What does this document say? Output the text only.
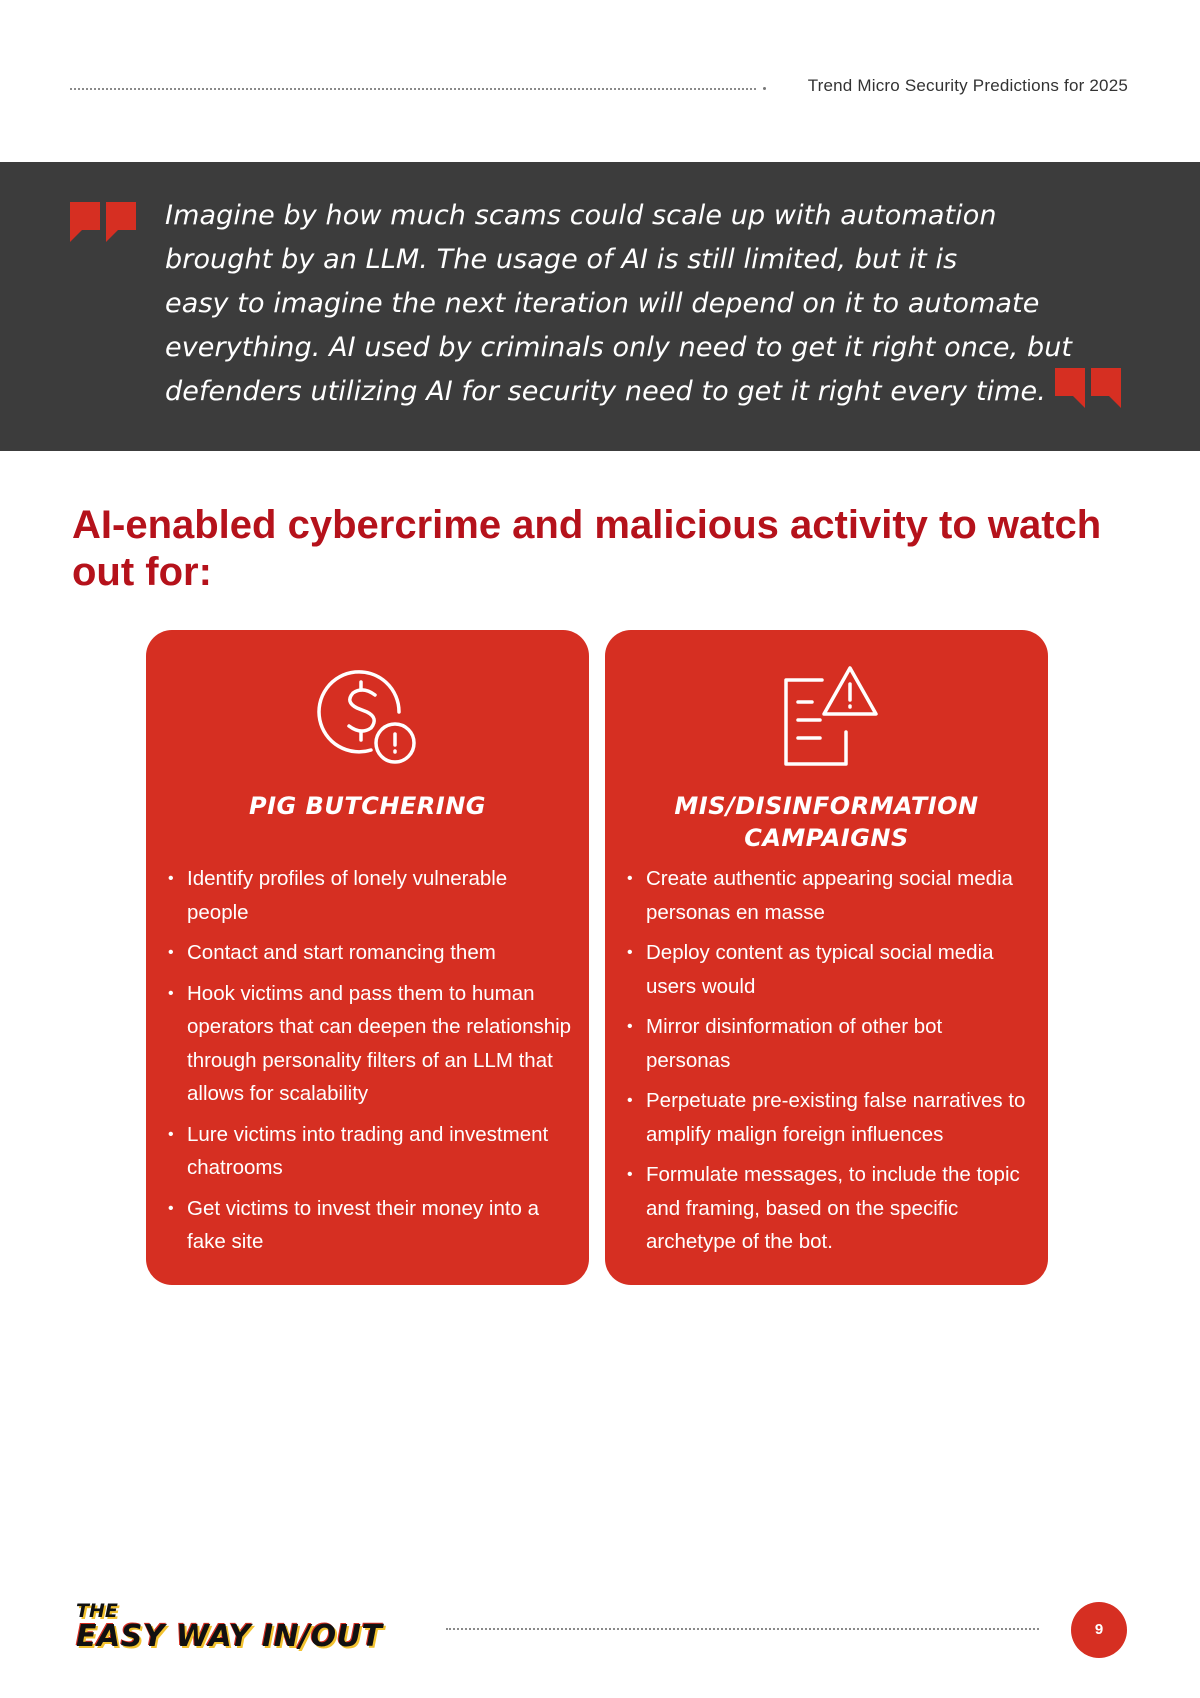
Trend Micro Security Predictions for 2025
Imagine by how much scams could scale up with automation
brought by an LLM. The usage of AI is still limited, but it is
easy to imagine the next iteration will depend on it to automate
everything. AI used by criminals only need to get it right once, but
defenders utilizing AI for security need to get it right every time.
AI-enabled cybercrime and malicious activity to watch out for:
PIG BUTCHERING
• Identify profiles of lonely vulnerable people
• Contact and start romancing them
• Hook victims and pass them to human operators that can deepen the relationship through personality filters of an LLM that allows for scalability
• Lure victims into trading and investment chatrooms
• Get victims to invest their money into a fake site
MIS/DISINFORMATION CAMPAIGNS
• Create authentic appearing social media personas en masse
• Deploy content as typical social media users would
• Mirror disinformation of other bot personas
• Perpetuate pre-existing false narratives to amplify malign foreign influences
• Formulate messages, to include the topic and framing, based on the specific archetype of the bot.
THE
EASY WAY IN/OUT	9
